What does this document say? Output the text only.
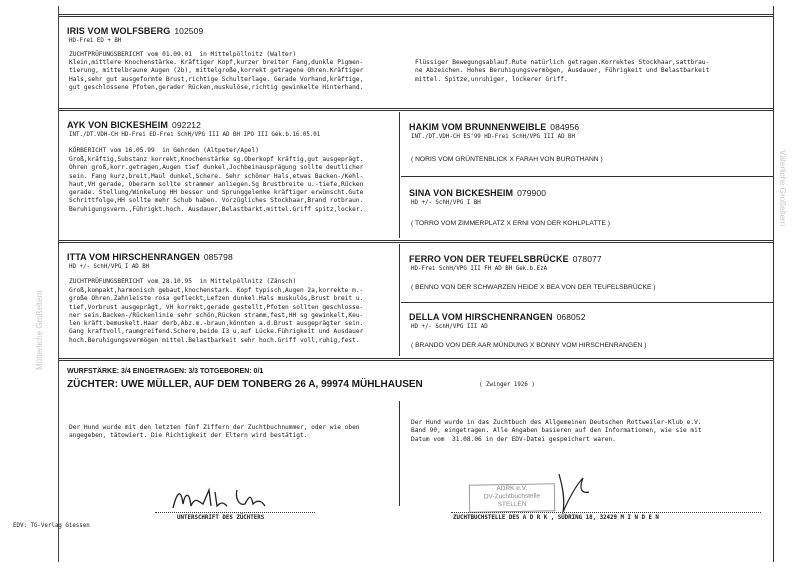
IRIS VOM WOLFSBERG 102509
HD-Frei ED + BH
ZUCHTPRÜFUNGSBERICHT vom 01.09.01  in Mittelpöllnitz (Walter)
Klein,mittlere Knochenstärke. Kräftiger Kopf,kurzer breiter Fang,dunkle Pigmen-
tierung, mittelbraune Augen (2b), mittelgroße,korrekt getragene Ohren.Kräftiger
Hals,sehr gut ausgeformte Brust,richtige Schulterlage. Gerade Vorhand,kräftige,
gut geschlossene Pfoten,gerader Rücken,muskulöse,richtig gewinkelte Hinterhand.
Flüssiger Bewegungsablauf.Rute natürlich getragen.Korrektes Stockhaar,sattbrau-
ne Abzeichen. Hohes Beruhigungsvermögen, Ausdauer, Führigkeit und Belastbarkeit
mittel. Spitze,unruhiger, lockerer Griff.
AYK VON BICKESHEIM 092212
INT./DT.VDH-CH HD-Frei ED-Frei SchH/VPG III AD BH IPO III Gek.b.16.05.01
KÖRBERICHT vom 16.05.99  in Gehrden (Altpeter/Apel)
Groß,kräftig,Substanz korrekt,Knochenstärke sg.Oberkopf kräftig,gut ausgeprägt.
Ohren groß,korr.getragen,Augen tief dunkel,Jochbeinausprägung sollte deutlicher
sein. Fang kurz,breit,Maul dunkel,Schere. Sehr schöner Hals,etwas Backen-/Kehl-
haut,VH gerade, Oberarm sollte strammer anliegen.Sg Brustbreite u.-tiefe,Rücken
gerade. Stellung/Winkelung HH besser und Sprunggelenke kräftiger erwünscht.Gute
Schrittfolge,HH sollte mehr Schub haben. Vorzügliches Stockhaar,Brand rotbraun.
Beruhigungsverm.,Führigkt.hoch. Ausdauer,Belastbarkt.mittel.Griff spitz,locker.
HAKIM VOM BRUNNENWEIBLE 084956
INT./DT.VDH-CH ES'99 HD-Frei SchH/VPG III AD BH
( NORIS VOM GRÜNTENBLICK X FARAH VON BURGTHANN )
SINA VON BICKESHEIM 079900
HD +/- SchH/VPG I BH
( TORRO VOM ZIMMERPLATZ X ERNI VON DER KOHLPLATTE )
ITTA VOM HIRSCHENRANGEN 085798
HD +/- SchH/VPG I AD BH
ZUCHTPRÜFUNGSBERICHT vom 28.10.95  in Mittelpöllnitz (Zänsch)
Groß,kompakt,harmonisch gebaut,knochenstark. Kopf typisch,Augen 2a,korrekte m.-
große Ohren.Zahnleiste rosa gefleckt,Lefzen dunkel.Hals muskulös,Brust breit u.
tief,Vorbrust ausgeprägt, VH korrekt,gerade gestellt,Pfoten sollten geschlosse-
ner sein.Backen-/Rückenlinie sehr schön,Rücken stramm,fest,HH sg gewinkelt,Keu-
len kräft.bemuskelt.Haar derb,Abz.m.-braun,könnten a.d.Brust ausgeprägter sein.
Gang kraftvoll,raumgreifend.Schere,beide I3 u.auf Lücke.Führigkeit und Ausdauer
hoch.Beruhigungsvermögen mittel.Belastbarkeit sehr hoch.Griff voll,ruhig,fest.
FERRO VON DER TEUFELSBRÜCKE 078077
HD-Frei SchH/VPG III FH AD BH Gek.b.EzA
( BENNO VON DER SCHWARZEN HEIDE X BEA VON DER TEUFELSBRÜCKE )
DELLA VOM HIRSCHENRANGEN 068052
HD +/- SchH/VPG III AD
( BRANDO VON DER AAR MÜNDUNG X BONNY VOM HIRSCHENRANGEN )
WURFSTÄRKE: 3/4 EINGETRAGEN: 3/3 TOTGEBOREN: 0/1
ZÜCHTER: UWE MÜLLER, AUF DEM TONBERG 26 A, 99974 MÜHLHAUSEN	( Zwinger 1926 )
Der Hund wurde mit den letzten fünf Ziffern der Zuchtbuchnummer, oder wie oben
angegeben, tätowiert. Die Richtigkeit der Eltern wird bestätigt.
Der Hund wurde in das Zuchtbuch des Allgemeinen Deutschen Rottweiler-Klub e.V.
Band 90, eingetragen. Alle Angaben basieren auf den Informationen, wie sie mit
Datum vom  31.08.06 in der EDV-Datei gespeichert waren.
UNTERSCHRIFT DES ZÜCHTERS
ADRK e.V.
DV-Zuchtbuchstelle
STELLEN
ZUCHTBUCHSTELLE DES A D R K , SÜDRING 18, 32429 M I N D E N
EDV: TG-Verlag Giessen
Mütterliche Großeltern
Väterliche Großeltern
